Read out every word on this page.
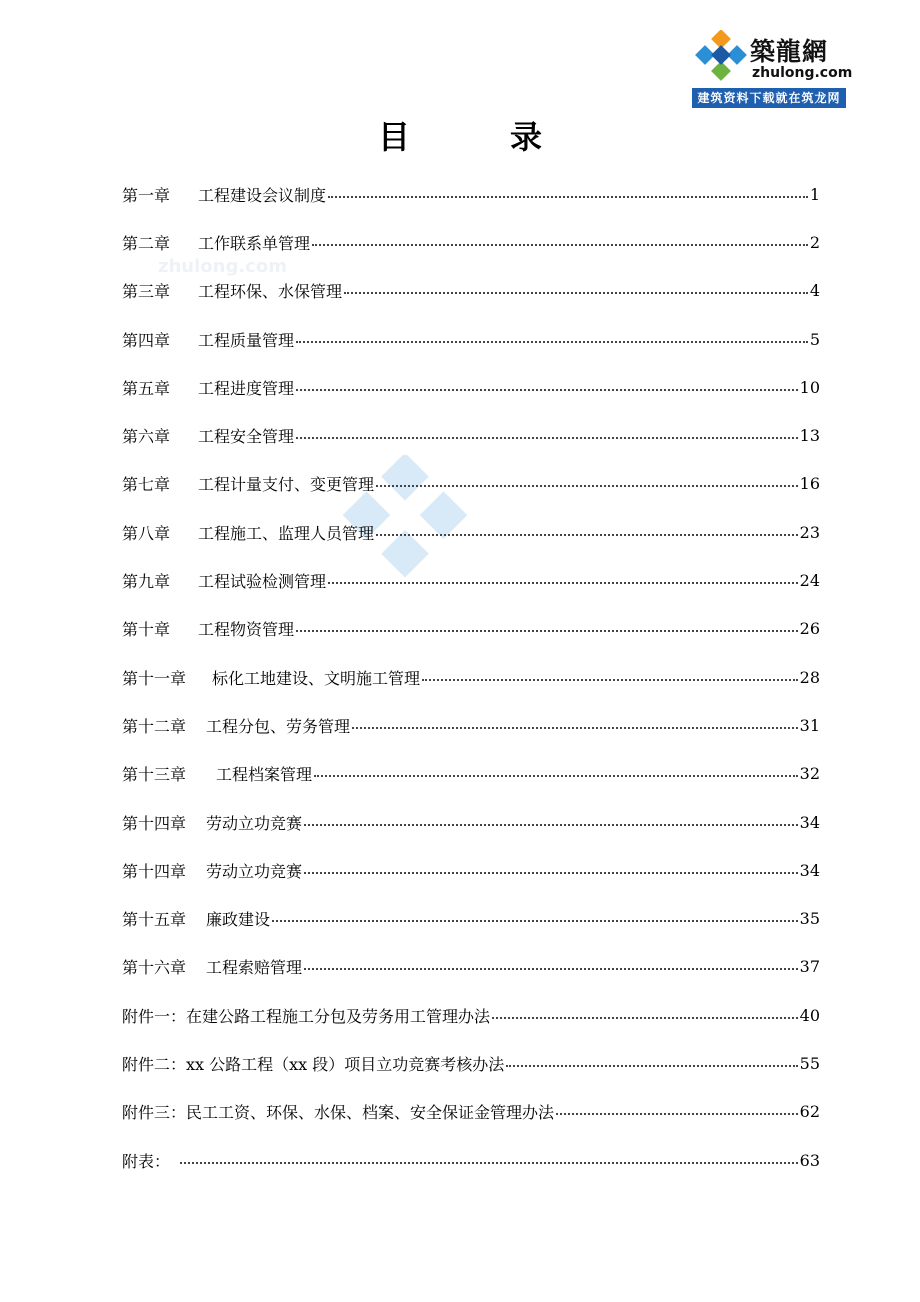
築龍網
zhulong.com
建筑资料下载就在筑龙网
zhulong.com
目	录
第一章 工程建设会议制度	1
第二章 工作联系单管理	2
第三章 工程环保、水保管理	4
第四章 工程质量管理	5
第五章 工程进度管理	10
第六章 工程安全管理	13
第七章 工程计量支付、变更管理	16
第八章 工程施工、监理人员管理	23
第九章 工程试验检测管理	24
第十章 工程物资管理	26
第十一章 标化工地建设、文明施工管理	28
第十二章 工程分包、劳务管理	31
第十三章 工程档案管理	32
第十四章 劳动立功竞赛	34
第十四章 劳动立功竞赛	34
第十五章 廉政建设	35
第十六章 工程索赔管理	37
附件一： 在建公路工程施工分包及劳务用工管理办法	40
附件二： xx 公路工程（xx 段）项目立功竞赛考核办法	55
附件三： 民工工资、环保、水保、档案、安全保证金管理办法	62
附表：	63
